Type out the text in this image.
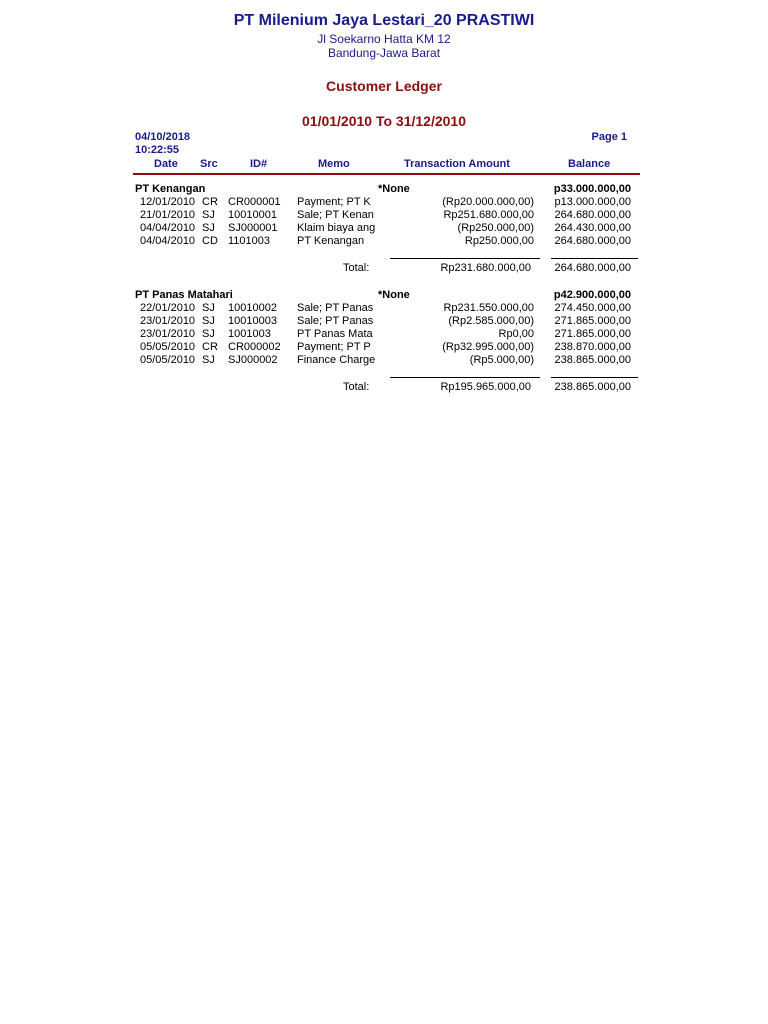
PT Milenium Jaya Lestari_20 PRASTIWI
Jl Soekarno Hatta KM 12
Bandung-Jawa Barat
Customer Ledger
01/01/2010 To 31/12/2010
04/10/2018
10:22:55
Page 1
Date Src	ID#	Memo	Transaction Amount	Balance
PT Kenangan	*None	p33.000.000,00
12/01/2010 CR CR000001 Payment; PT K	(Rp20.000.000,00)	p13.000.000,00
21/01/2010 SJ 10010001 Sale; PT Kenan	Rp251.680.000,00	264.680.000,00
04/04/2010 SJ SJ000001 Klaim biaya ang	(Rp250.000,00)	264.430.000,00
04/04/2010 CD 1101003 PT Kenangan	Rp250.000,00	264.680.000,00
Total:	Rp231.680.000,00	264.680.000,00
PT Panas Matahari	*None	p42.900.000,00
22/01/2010 SJ 10010002 Sale; PT Panas	Rp231.550.000,00	274.450.000,00
23/01/2010 SJ 10010003 Sale; PT Panas	(Rp2.585.000,00)	271.865.000,00
23/01/2010 SJ 1001003 PT Panas Mata	Rp0,00	271.865.000,00
05/05/2010 CR CR000002 Payment; PT P	(Rp32.995.000,00)	238.870.000,00
05/05/2010 SJ SJ000002 Finance Charge	(Rp5.000,00)	238.865.000,00
Total:	Rp195.965.000,00	238.865.000,00
